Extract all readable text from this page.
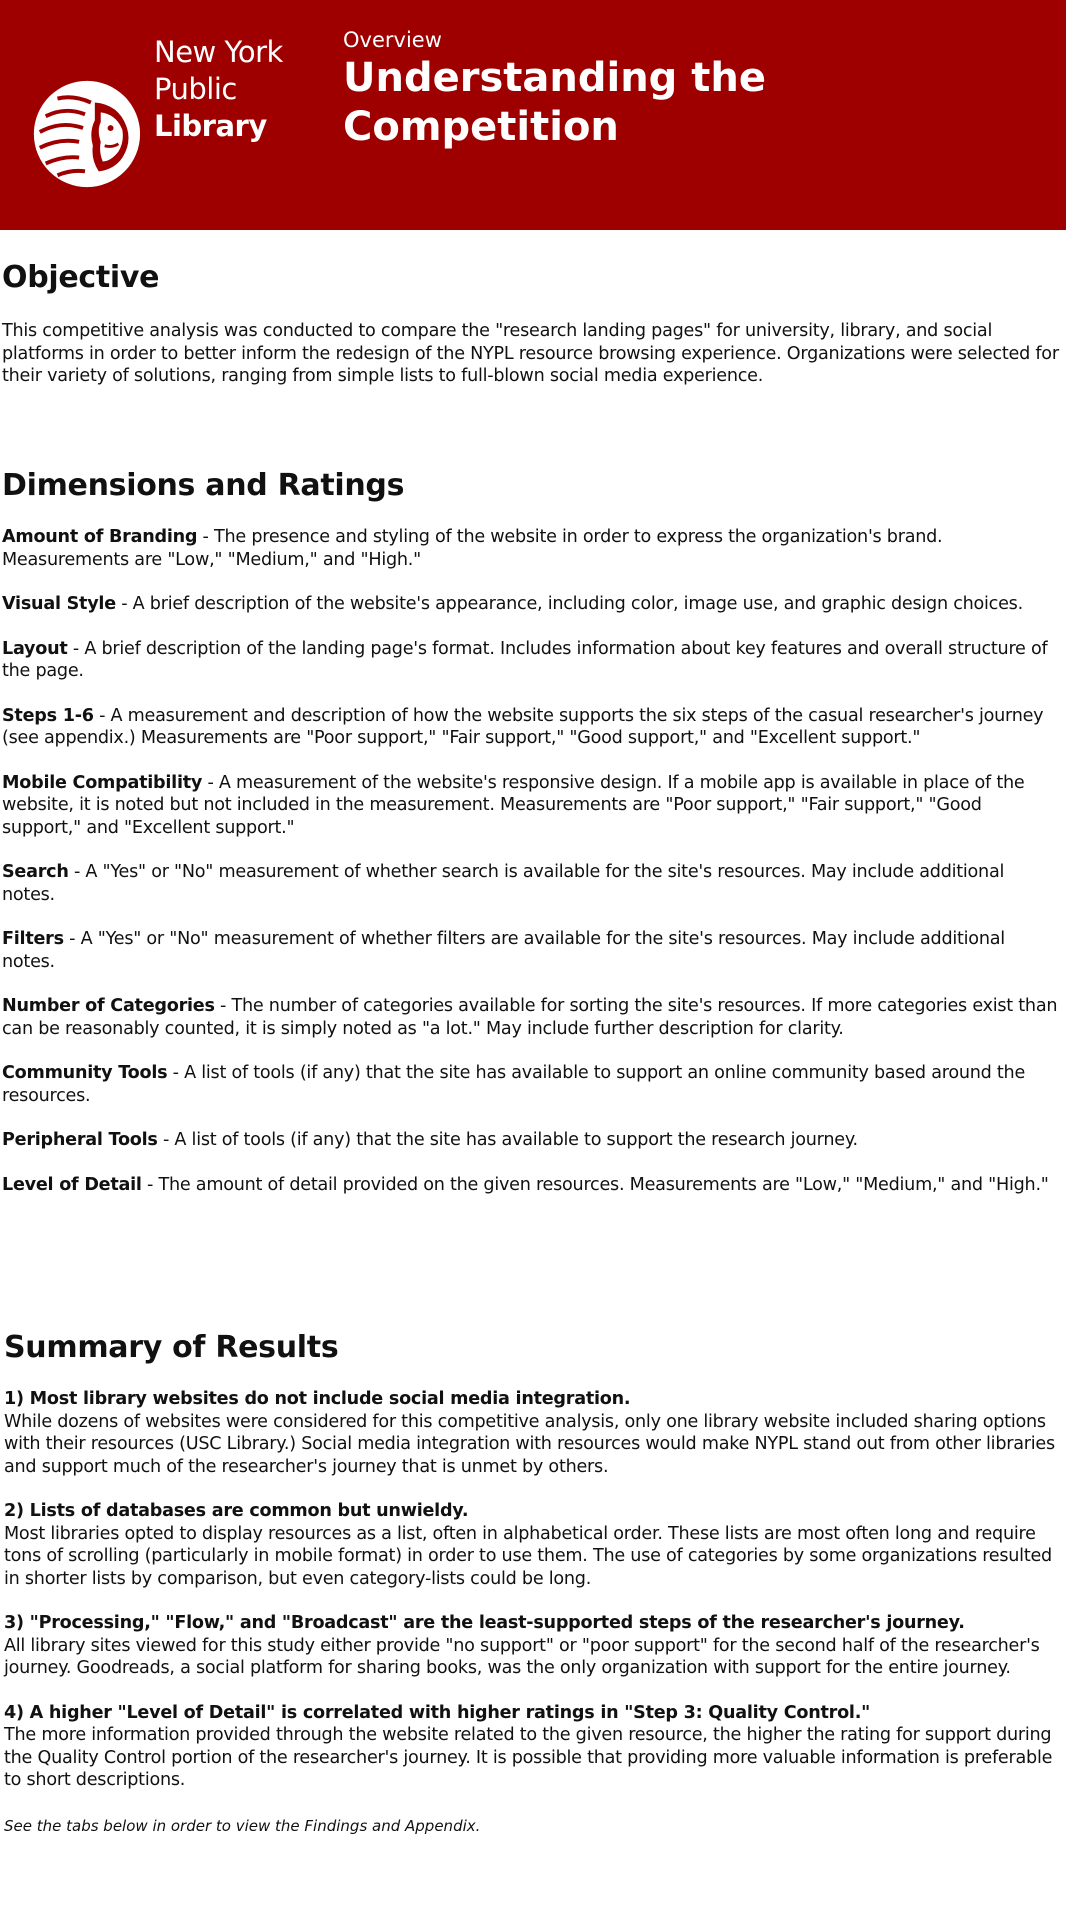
New York
Public
Library
Overview
Understanding the Competition
Objective

This competitive analysis was conducted to compare the "research landing pages" for university, library, and social platforms in order to better inform the redesign of the NYPL resource browsing experience. Organizations were selected for their variety of solutions, ranging from simple lists to full-blown social media experience.

Dimensions and Ratings

Amount of Branding - The presence and styling of the website in order to express the organization's brand. Measurements are "Low," "Medium," and "High."

Visual Style - A brief description of the website's appearance, including color, image use, and graphic design choices.

Layout - A brief description of the landing page's format. Includes information about key features and overall structure of the page.

Steps 1-6 - A measurement and description of how the website supports the six steps of the casual researcher's journey (see appendix.) Measurements are "Poor support," "Fair support," "Good support," and "Excellent support."

Mobile Compatibility - A measurement of the website's responsive design. If a mobile app is available in place of the website, it is noted but not included in the measurement. Measurements are "Poor support," "Fair support," "Good support," and "Excellent support."

Search - A "Yes" or "No" measurement of whether search is available for the site's resources. May include additional notes.

Filters - A "Yes" or "No" measurement of whether filters are available for the site's resources. May include additional notes.

Number of Categories - The number of categories available for sorting the site's resources. If more categories exist than can be reasonably counted, it is simply noted as "a lot." May include further description for clarity.

Community Tools - A list of tools (if any) that the site has available to support an online community based around the resources.

Peripheral Tools - A list of tools (if any) that the site has available to support the research journey.

Level of Detail - The amount of detail provided on the given resources. Measurements are "Low," "Medium," and "High."

Summary of Results
1) Most library websites do not include social media integration.
While dozens of websites were considered for this competitive analysis, only one library website included sharing options with their resources (USC Library.) Social media integration with resources would make NYPL stand out from other libraries and support much of the researcher's journey that is unmet by others.
2) Lists of databases are common but unwieldy.
Most libraries opted to display resources as a list, often in alphabetical order. These lists are most often long and require tons of scrolling (particularly in mobile format) in order to use them. The use of categories by some organizations resulted in shorter lists by comparison, but even category-lists could be long.
3) "Processing," "Flow," and "Broadcast" are the least-supported steps of the researcher's journey.
All library sites viewed for this study either provide "no support" or "poor support" for the second half of the researcher's journey. Goodreads, a social platform for sharing books, was the only organization with support for the entire journey.
4) A higher "Level of Detail" is correlated with higher ratings in "Step 3: Quality Control."
The more information provided through the website related to the given resource, the higher the rating for support during the Quality Control portion of the researcher's journey. It is possible that providing more valuable information is preferable to short descriptions.

See the tabs below in order to view the Findings and Appendix.
